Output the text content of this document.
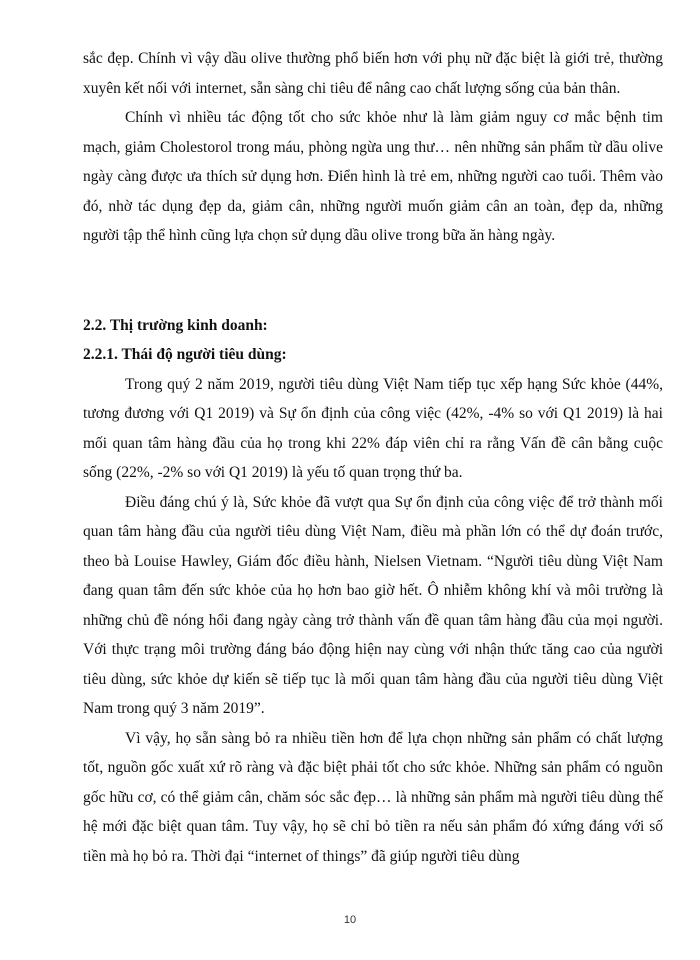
sắc đẹp. Chính vì vậy dầu olive thường phổ biến hơn với phụ nữ đặc biệt là giới trẻ, thường xuyên kết nối với internet, sẵn sàng chi tiêu để nâng cao chất lượng sống của bản thân.

Chính vì nhiều tác động tốt cho sức khỏe như là làm giảm nguy cơ mắc bệnh tim mạch, giảm Cholestorol trong máu, phòng ngừa ung thư… nên những sản phẩm từ dầu olive ngày càng được ưa thích sử dụng hơn. Điển hình là trẻ em, những người cao tuổi. Thêm vào đó, nhờ tác dụng đẹp da, giảm cân, những người muốn giảm cân an toàn, đẹp da, những người tập thể hình cũng lựa chọn sử dụng dầu olive trong bữa ăn hàng ngày.

2.2. Thị trường kinh doanh:

2.2.1. Thái độ người tiêu dùng:

Trong quý 2 năm 2019, người tiêu dùng Việt Nam tiếp tục xếp hạng Sức khỏe (44%, tương đương với Q1 2019) và Sự ổn định của công việc (42%, -4% so với Q1 2019) là hai mối quan tâm hàng đầu của họ trong khi 22% đáp viên chỉ ra rằng Vấn đề cân bằng cuộc sống (22%, -2% so với Q1 2019) là yếu tố quan trọng thứ ba.

Điều đáng chú ý là, Sức khỏe đã vượt qua Sự ổn định của công việc để trở thành mối quan tâm hàng đầu của người tiêu dùng Việt Nam, điều mà phần lớn có thể dự đoán trước, theo bà Louise Hawley, Giám đốc điều hành, Nielsen Vietnam. “Người tiêu dùng Việt Nam đang quan tâm đến sức khỏe của họ hơn bao giờ hết. Ô nhiễm không khí và môi trường là những chủ đề nóng hổi đang ngày càng trở thành vấn đề quan tâm hàng đầu của mọi người. Với thực trạng môi trường đáng báo động hiện nay cùng với nhận thức tăng cao của người tiêu dùng, sức khỏe dự kiến sẽ tiếp tục là mối quan tâm hàng đầu của người tiêu dùng Việt Nam trong quý 3 năm 2019”.

Vì vậy, họ sẵn sàng bỏ ra nhiều tiền hơn để lựa chọn những sản phẩm có chất lượng tốt, nguồn gốc xuất xứ rõ ràng và đặc biệt phải tốt cho sức khỏe. Những sản phẩm có nguồn gốc hữu cơ, có thể giảm cân, chăm sóc sắc đẹp… là những sản phẩm mà người tiêu dùng thế hệ mới đặc biệt quan tâm. Tuy vậy, họ sẽ chỉ bỏ tiền ra nếu sản phẩm đó xứng đáng với số tiền mà họ bỏ ra. Thời đại “internet of things” đã giúp người tiêu dùng

10
